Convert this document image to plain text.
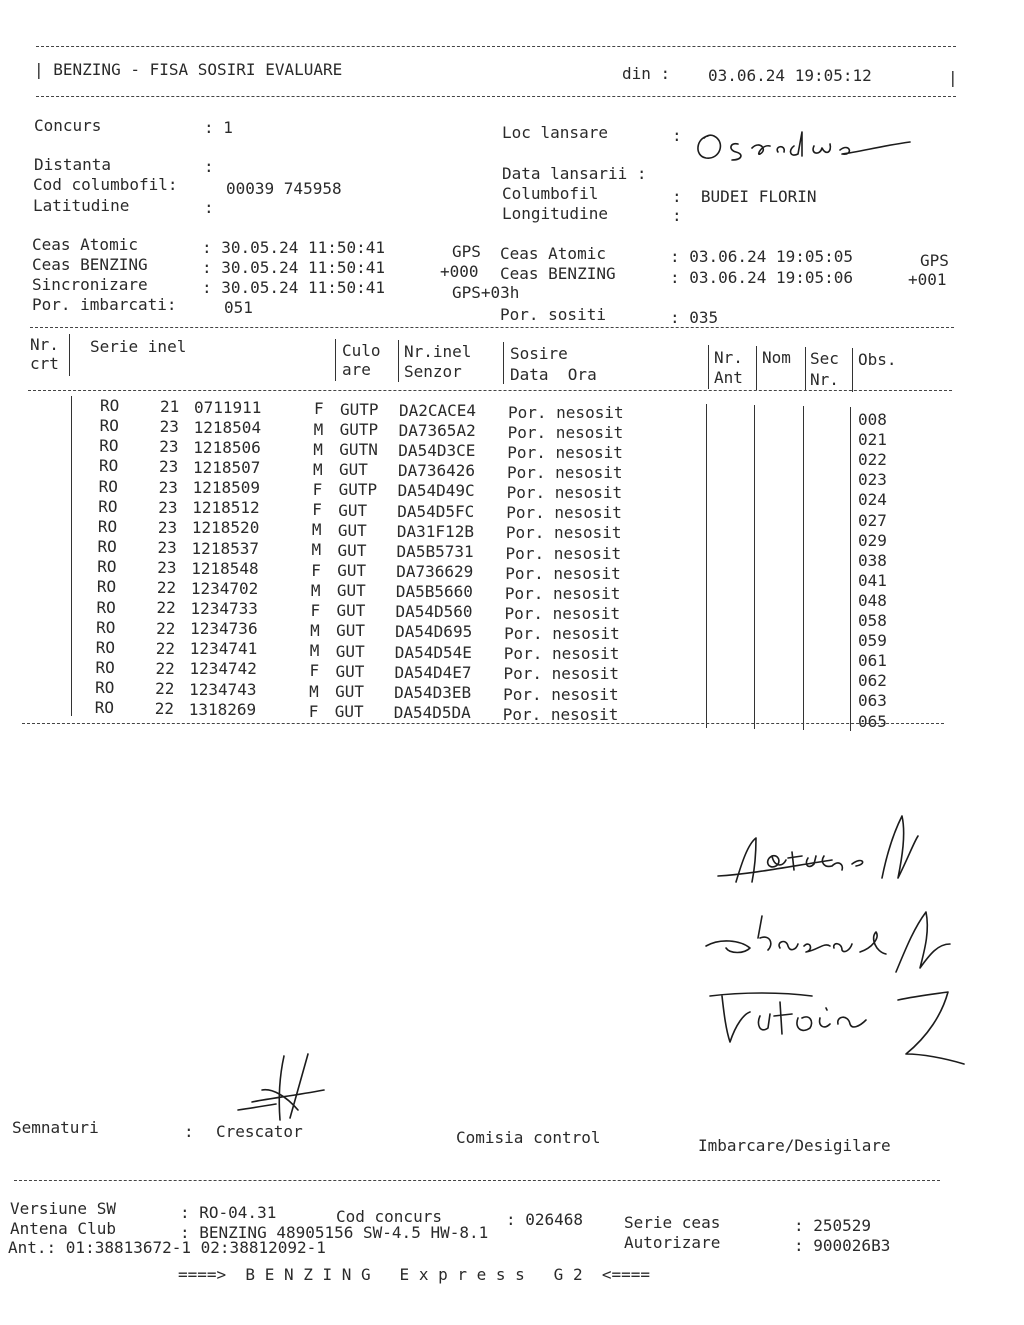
| BENZING - FISA SOSIRI EVALUARE	din : 03.06.24 19:05:12	|
Concurs	: 1
Distanta	:
Cod columbofil:	00039 745958
Latitudine	:
Loc lansare	:
Data lansarii :
Columbofil	:  BUDEI FLORIN
Longitudine	:
Ceas Atomic	: 30.05.24 11:50:41	GPS
Ceas BENZING	: 30.05.24 11:50:41	+000
Sincronizare	: 30.05.24 11:50:41	GPS+03h
Por. imbarcati:	051
Ceas Atomic	: 03.06.24 19:05:05	GPS
Ceas BENZING	: 03.06.24 19:05:06	+001
Por. sositi	: 035
Nr.
crt
Serie inel	Culo
are
Nr.inel
Senzor
Sosire
Data  Ora
Nr.
Ant
Nom Sec
Nr.
Obs.
RO	21 0711911	F GUTP DA2CACE4 Por. nesosit	008
RO	23 1218504	M GUTP DA7365A2 Por. nesosit	021
RO	23 1218506	M GUTN DA54D3CE Por. nesosit	022
RO	23 1218507	M GUT DA736426 Por. nesosit	023
RO	23 1218509	F GUTP DA54D49C Por. nesosit	024
RO	23 1218512	F GUT DA54D5FC Por. nesosit	027
RO	23 1218520	M GUT DA31F12B Por. nesosit	029
RO	23 1218537	M GUT DA5B5731 Por. nesosit	038
RO	23 1218548	F GUT DA736629 Por. nesosit	041
RO	22 1234702	M GUT DA5B5660 Por. nesosit	048
RO	22 1234733	F GUT DA54D560 Por. nesosit	058
RO	22 1234736	M GUT DA54D695 Por. nesosit	059
RO	22 1234741	M GUT DA54D54E Por. nesosit	061
RO	22 1234742	F GUT DA54D4E7 Por. nesosit	062
RO	22 1234743	M GUT DA54D3EB Por. nesosit	063
RO	22 1318269	F GUT DA54D5DA Por. nesosit	065
Semnaturi	: Crescator	Comisia control	Imbarcare/Desigilare
Versiune SW	: RO-04.31	Cod concurs	: 026468	Serie ceas	: 250529
Antena Club	: BENZING 48905156 SW-4.5 HW-8.1
Autorizare	: 900026B3
Ant.: 01:38813672-1 02:38812092-1
====>  B E N Z I N G   E x p r e s s   G 2  <====
